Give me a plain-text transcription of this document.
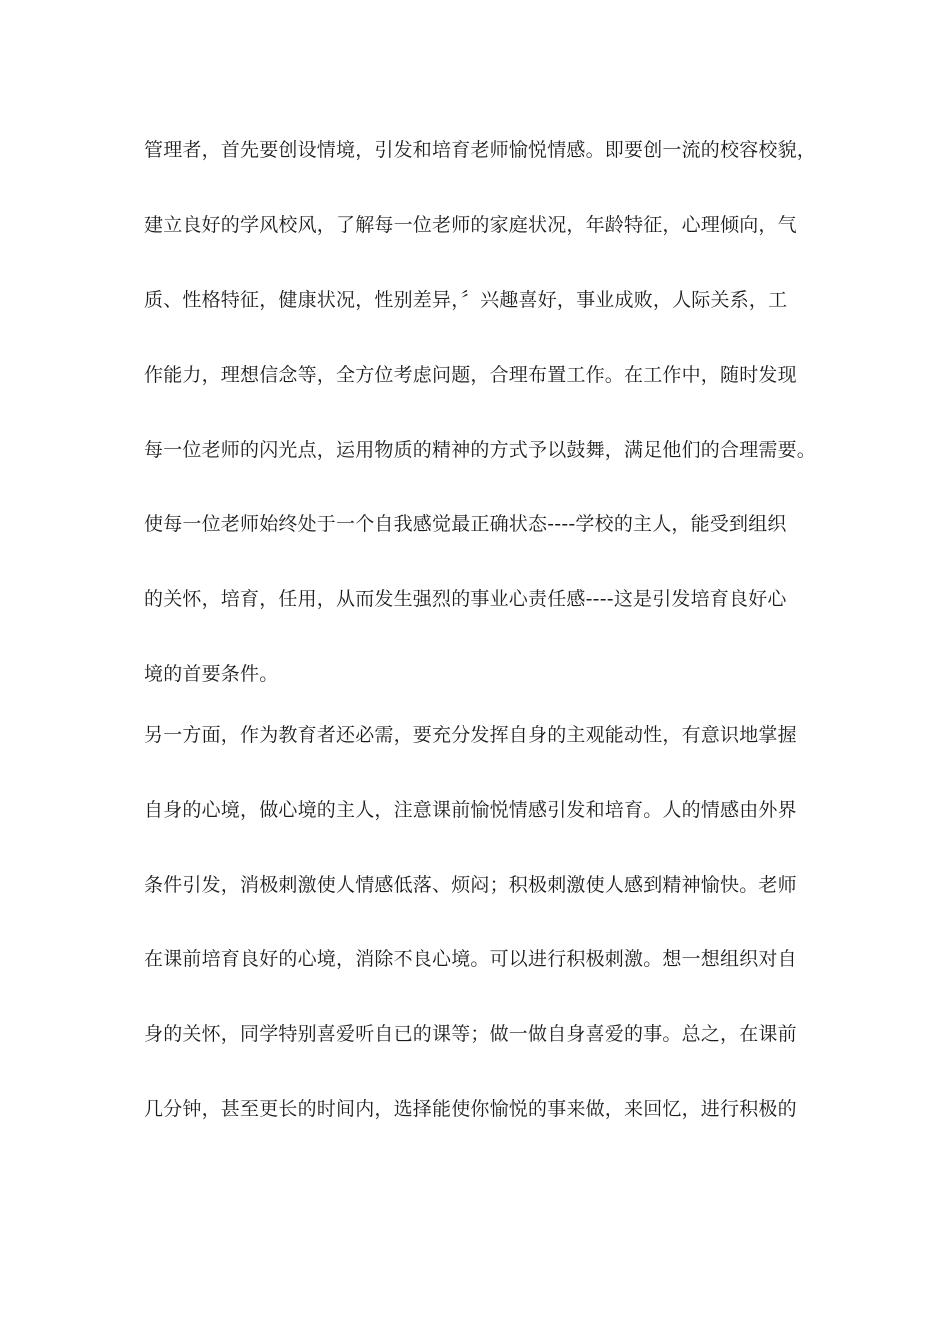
管理者，首先要创设情境，引发和培育老师愉悦情感。即要创一流的校容校貌，
建立良好的学风校风，了解每一位老师的家庭状况，年龄特征，心理倾向，气
质、性格特征，健康状况，性别差异，〞兴趣喜好，事业成败，人际关系，工
作能力，理想信念等，全方位考虑问题，合理布置工作。在工作中，随时发现
每一位老师的闪光点，运用物质的精神的方式予以鼓舞，满足他们的合理需要。
使每一位老师始终处于一个自我感觉最正确状态----学校的主人，能受到组织
的关怀，培育，任用，从而发生强烈的事业心责任感----这是引发培育良好心
境的首要条件。
另一方面，作为教育者还必需，要充分发挥自身的主观能动性，有意识地掌握
自身的心境，做心境的主人，注意课前愉悦情感引发和培育。人的情感由外界
条件引发，消极刺激使人情感低落、烦闷；积极刺激使人感到精神愉快。老师
在课前培育良好的心境，消除不良心境。可以进行积极刺激。想一想组织对自
身的关怀，同学特别喜爱听自已的课等；做一做自身喜爱的事。总之，在课前
几分钟，甚至更长的时间内，选择能使你愉悦的事来做，来回忆，进行积极的
